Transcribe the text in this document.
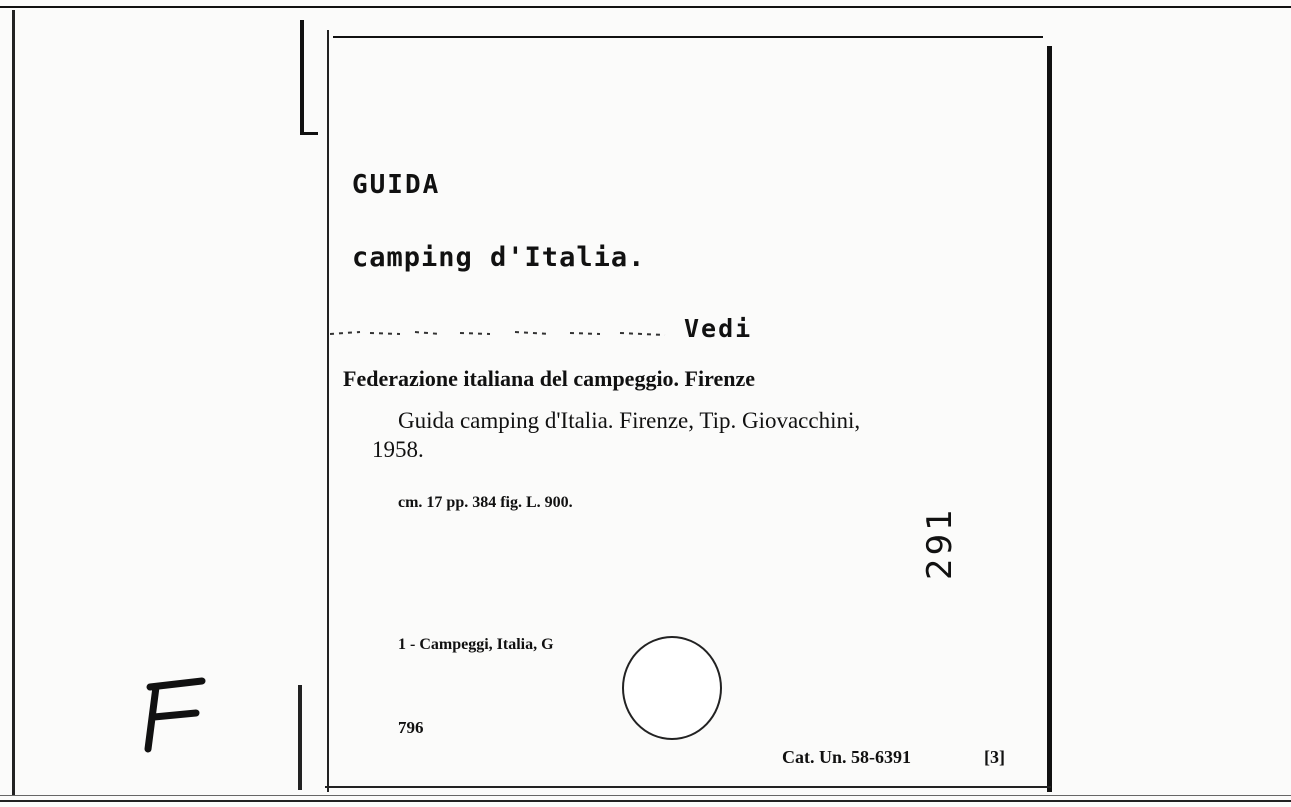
GUIDA
camping d'Italia.
Vedi
Federazione italiana del campeggio. Firenze
Guida camping d'Italia. Firenze, Tip. Giovacchini,
1958.
cm. 17 pp. 384 fig. L. 900.
1 - Campeggi, Italia, G
291
796
Cat. Un. 58-6391	[3]
